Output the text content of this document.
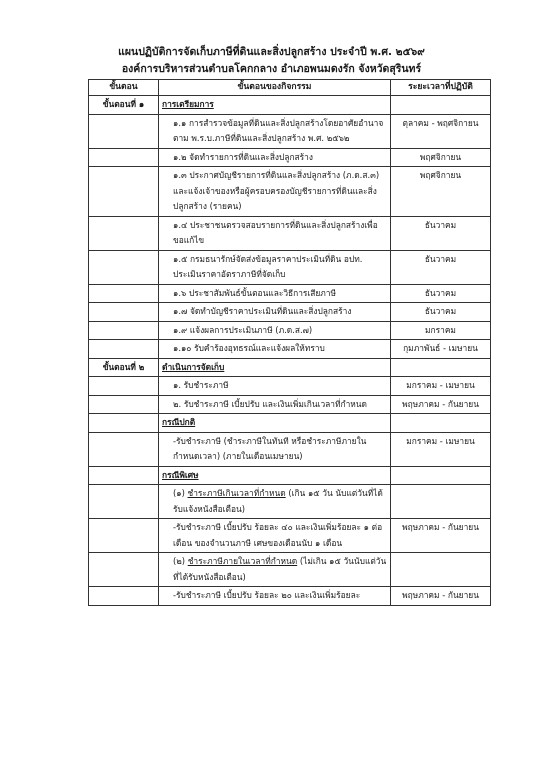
แผนปฏิบัติการจัดเก็บภาษีที่ดินและสิ่งปลูกสร้าง ประจำปี พ.ศ. ๒๕๖๙
องค์การบริหารส่วนตำบลโคกกลาง อำเภอพนมดงรัก จังหวัดสุรินทร์
ขั้นตอน	ขั้นตอนของกิจกรรม	ระยะเวลาที่ปฏิบัติ
ขั้นตอนที่ ๑	การเตรียมการ	
	๑.๑ การสำรวจข้อมูลที่ดินและสิ่งปลูกสร้างโดยอาศัยอำนาจตาม พ.ร.บ.ภาษีที่ดินและสิ่งปลูกสร้าง พ.ศ. ๒๕๖๒	ตุลาคม - พฤศจิกายน
	๑.๒ จัดทำรายการที่ดินและสิ่งปลูกสร้าง	พฤศจิกายน
	๑.๓ ประกาศบัญชีรายการที่ดินและสิ่งปลูกสร้าง (ภ.ด.ส.๓) และแจ้งเจ้าของหรือผู้ครอบครองบัญชีรายการที่ดินและสิ่งปลูกสร้าง (รายคน)	พฤศจิกายน
	๑.๔ ประชาชนตรวจสอบรายการที่ดินและสิ่งปลูกสร้างเพื่อขอแก้ไข	ธันวาคม
	๑.๕ กรมธนารักษ์จัดส่งข้อมูลราคาประเมินที่ดิน อปท. ประเมินราคาอัตราภาษีที่จัดเก็บ	ธันวาคม
	๑.๖ ประชาสัมพันธ์ขั้นตอนและวิธีการเสียภาษี	ธันวาคม
	๑.๗ จัดทำบัญชีราคาประเมินที่ดินและสิ่งปลูกสร้าง	ธันวาคม
	๑.๙ แจ้งผลการประเมินภาษี (ภ.ด.ส.๗)	มกราคม
	๑.๑๐ รับคำร้องอุทธรณ์และแจ้งผลให้ทราบ	กุมภาพันธ์ - เมษายน
ขั้นตอนที่ ๒	ดำเนินการจัดเก็บ	
	๑. รับชำระภาษี	มกราคม - เมษายน
	๒. รับชำระภาษี เบี้ยปรับ และเงินเพิ่มเกินเวลาที่กำหนด	พฤษภาคม - กันยายน
	กรณีปกติ	
	-รับชำระภาษี (ชำระภาษีในทันที หรือชำระภาษีภายในกำหนดเวลา) (ภายในเดือนเมษายน)	มกราคม - เมษายน
	กรณีพิเศษ	
	(๑) ชำระภาษีเกินเวลาที่กำหนด (เกิน ๑๕ วัน นับแต่วันที่ได้รับแจ้งหนังสือเตือน)	
	-รับชำระภาษี เบี้ยปรับ ร้อยละ ๔๐ และเงินเพิ่มร้อยละ ๑ ต่อเดือน ของจำนวนภาษี เศษของเดือนนับ ๑ เดือน	พฤษภาคม - กันยายน
	(๒) ชำระภาษีภายในเวลาที่กำหนด (ไม่เกิน ๑๕ วันนับแต่วันที่ได้รับหนังสือเตือน)	
	-รับชำระภาษี เบี้ยปรับ ร้อยละ ๒๐ และเงินเพิ่มร้อยละ	พฤษภาคม - กันยายน
